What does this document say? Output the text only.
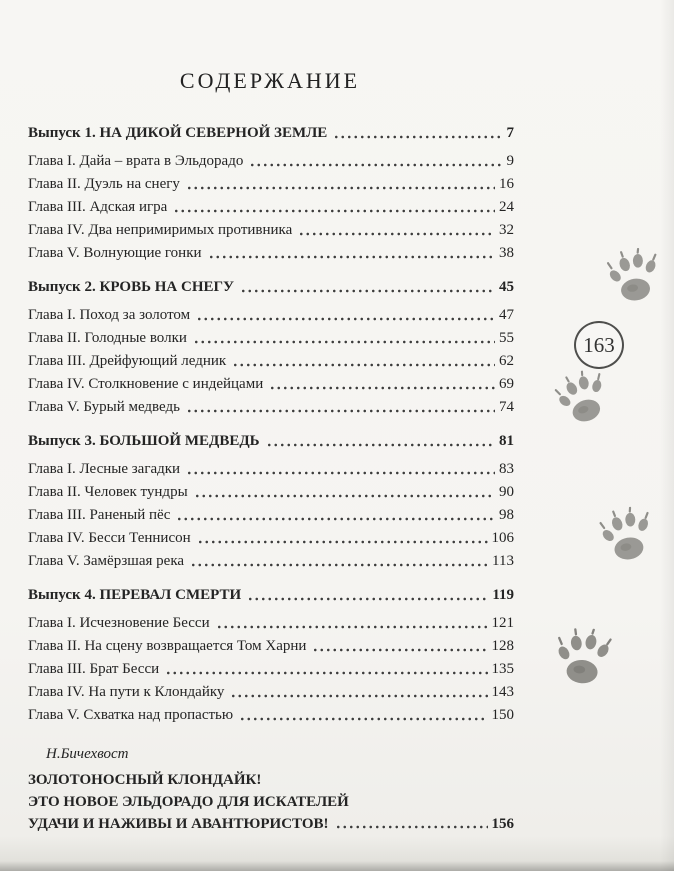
СОДЕРЖАНИЕ
Выпуск 1. НА ДИКОЙ СЕВЕРНОЙ ЗЕМЛЕ	7
Глава I. Дайа – врата в Эльдорадо	9
Глава II. Дуэль на снегу	16
Глава III. Адская игра	24
Глава IV. Два непримиримых противника	32
Глава V. Волнующие гонки	38
Выпуск 2. КРОВЬ НА СНЕГУ	45
Глава I. Поход за золотом	47
Глава II. Голодные волки	55
Глава III. Дрейфующий ледник	62
Глава IV. Столкновение с индейцами	69
Глава V. Бурый медведь	74
Выпуск 3. БОЛЬШОЙ МЕДВЕДЬ	81
Глава I. Лесные загадки	83
Глава II. Человек тундры	90
Глава III. Раненый пёс	98
Глава IV. Бесси Теннисон	106
Глава V. Замёрзшая река	113
Выпуск 4. ПЕРЕВАЛ СМЕРТИ	119
Глава I. Исчезновение Бесси	121
Глава II. На сцену возвращается Том Харни	128
Глава III. Брат Бесси	135
Глава IV. На пути к Клондайку	143
Глава V. Схватка над пропастью	150
Н.Бичехвост
ЗОЛОТОНОСНЫЙ КЛОНДАЙК!
ЭТО НОВОЕ ЭЛЬДОРАДО ДЛЯ ИСКАТЕЛЕЙ
УДАЧИ И НАЖИВЫ И АВАНТЮРИСТОВ!	156
163
